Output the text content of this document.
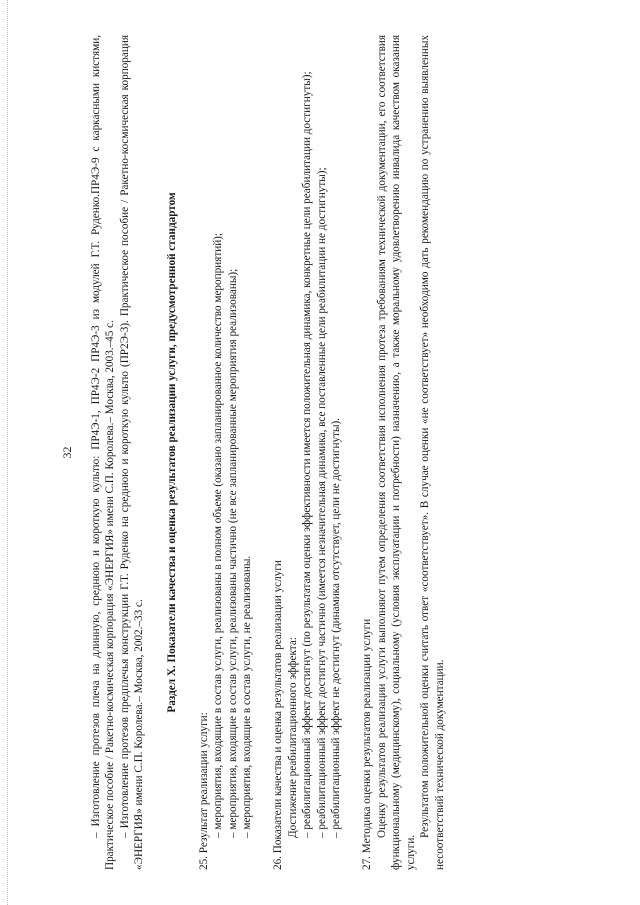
32 – Изготовление протезов плеча на длинную, среднюю и короткую культю: ПР4Э-1, ПР4Э-2 ПР4Э-3 из модулей Г.Т. Руденко.ПР4Э-9 с каркасными кистями, Практическое пособие / Ракетно-космическая корпорация «ЭНЕРГИЯ» имени С.П. Королева.– Москва, 2003.–45 с. – Изготовление протезов предплечья конструкции Г.Т. Руденко на среднюю и короткую культю (ПР2Э-3). Практическое пособие / Ракетно-космическая корпорация «ЭНЕРГИЯ» имени С.П. Королева.– Москва, 2002.–33 с.

Раздел X. Показатели качества и оценка результатов реализации услуги, предусмотренной стандартом

25. Результат реализации услуги: – мероприятия, входящие в состав услуги, реализованы в полном объеме (оказано запланированное количество мероприятий); – мероприятия, входящие в состав услуги, реализованы частично (не все запланированные мероприятия реализованы); – мероприятия, входящие в состав услуги, не реализованы. 26. Показатели качества и оценка результатов реализации услуги Достижение реабилитационного эффекта: – реабилитационный эффект достигнут (по результатам оценки эффективности имеется положительная динамика, конкретные цели реабилитации достигнуты); – реабилитационный эффект достигнут частично (имеется незначительная динамика, все поставленные цели реабилитации не достигнуты); – реабилитационный эффект не достигнут (динамика отсутствует, цели не достигнуты). 27. Методика оценки результатов реализации услуги Оценку результатов реализации услуги выполняют путем определения соответствия исполнения протеза требованиям технической документации, его соответствия функциональному (медицинскому), социальному (условия эксплуатации и потребности) назначению, а также моральному удовлетворению инвалида качеством оказания услуги.

Результатом положительной оценки считать ответ «соответствует». В случае оценки «не соответствует» необходимо дать рекомендацию по устранению выявленных несоответствий технической документации.
